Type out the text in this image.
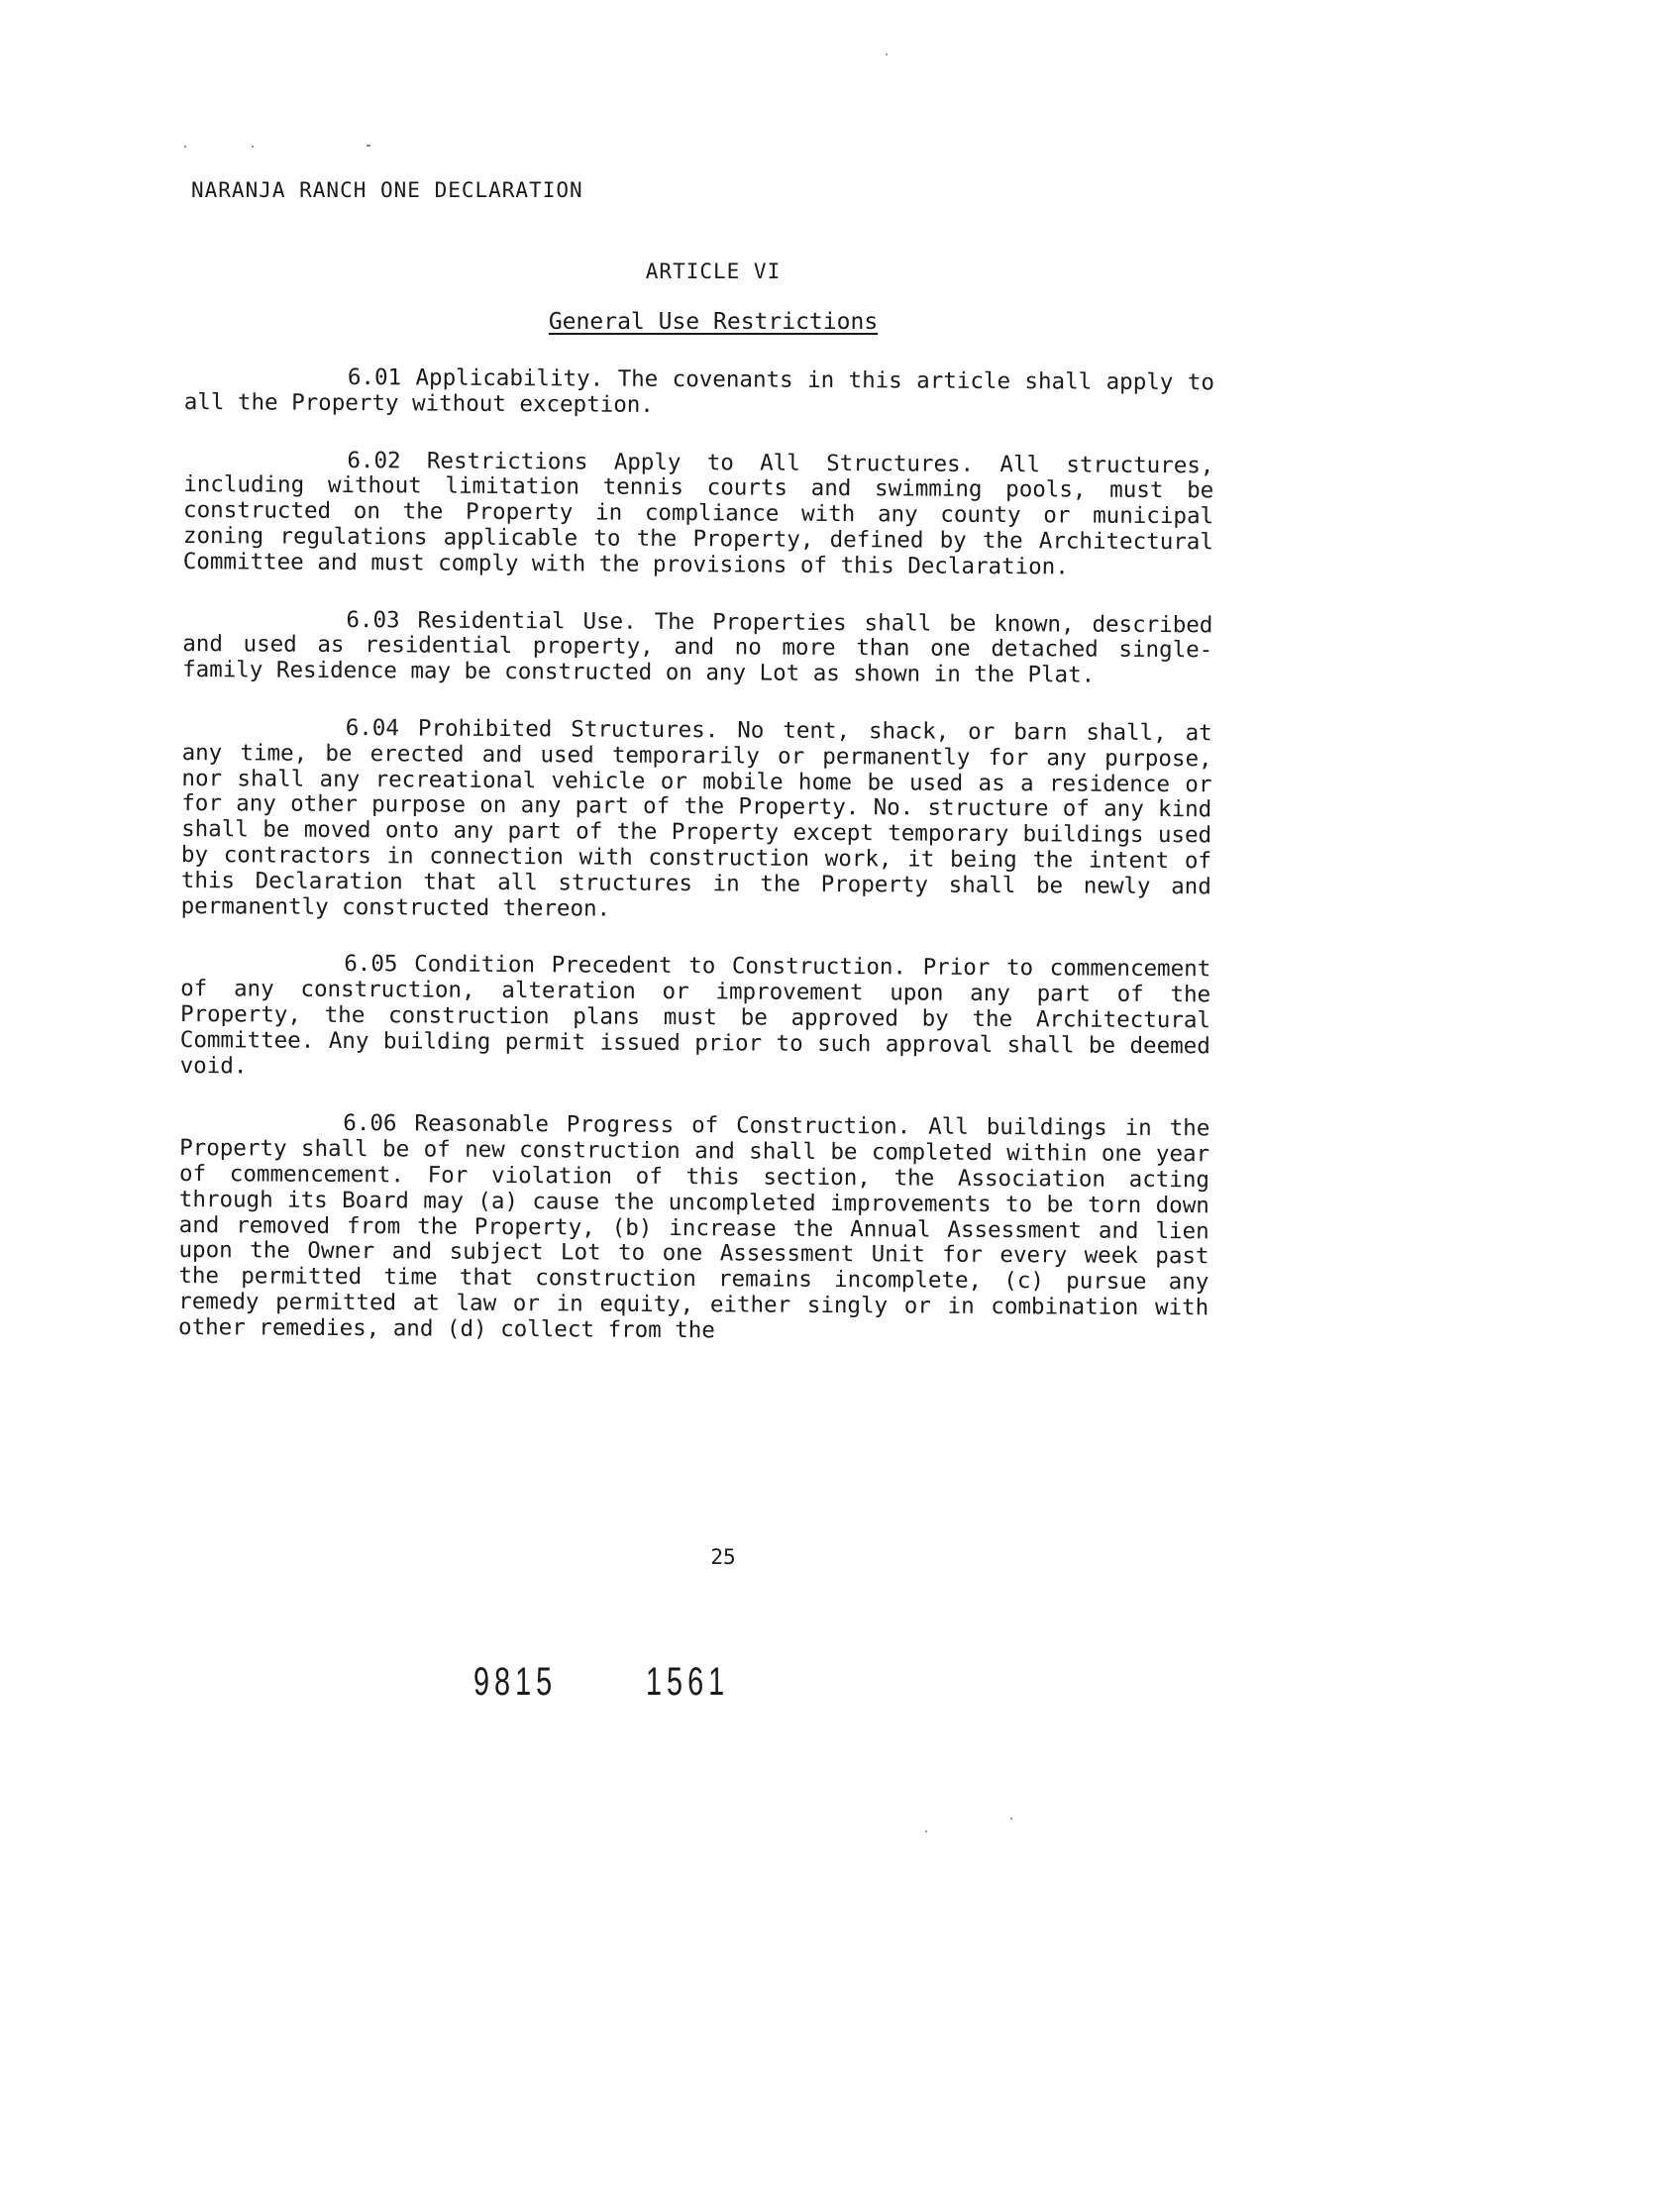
NARANJA RANCH ONE DECLARATION
ARTICLE VI
General Use Restrictions

6.01 Applicability. The covenants in this article shall apply to all the Property without exception.

6.02 Restrictions Apply to All Structures. All structures, including without limitation tennis courts and swimming pools, must be constructed on the Property in compliance with any county or municipal zoning regulations applicable to the Property, defined by the Architectural Committee and must comply with the provisions of this Declaration.

6.03 Residential Use. The Properties shall be known, described and used as residential property, and no more than one detached single-family Residence may be constructed on any Lot as shown in the Plat.

6.04 Prohibited Structures. No tent, shack, or barn shall, at any time, be erected and used temporarily or permanently for any purpose, nor shall any recreational vehicle or mobile home be used as a residence or for any other purpose on any part of the Property. No. structure of any kind shall be moved onto any part of the Property except temporary buildings used by contractors in connection with construction work, it being the intent of this Declaration that all structures in the Property shall be newly and permanently constructed thereon.

6.05 Condition Precedent to Construction. Prior to commencement of any construction, alteration or improvement upon any part of the Property, the construction plans must be approved by the Architectural Committee. Any building permit issued prior to such approval shall be deemed void.

6.06 Reasonable Progress of Construction. All buildings in the Property shall be of new construction and shall be completed within one year of commencement. For violation of this section, the Association acting through its Board may (a) cause the uncompleted improvements to be torn down and removed from the Property, (b) increase the Annual Assessment and lien upon the Owner and subject Lot to one Assessment Unit for every week past the permitted time that construction remains incomplete, (c) pursue any remedy permitted at law or in equity, either singly or in combination with other remedies, and (d) collect from the

25
9815 1561
